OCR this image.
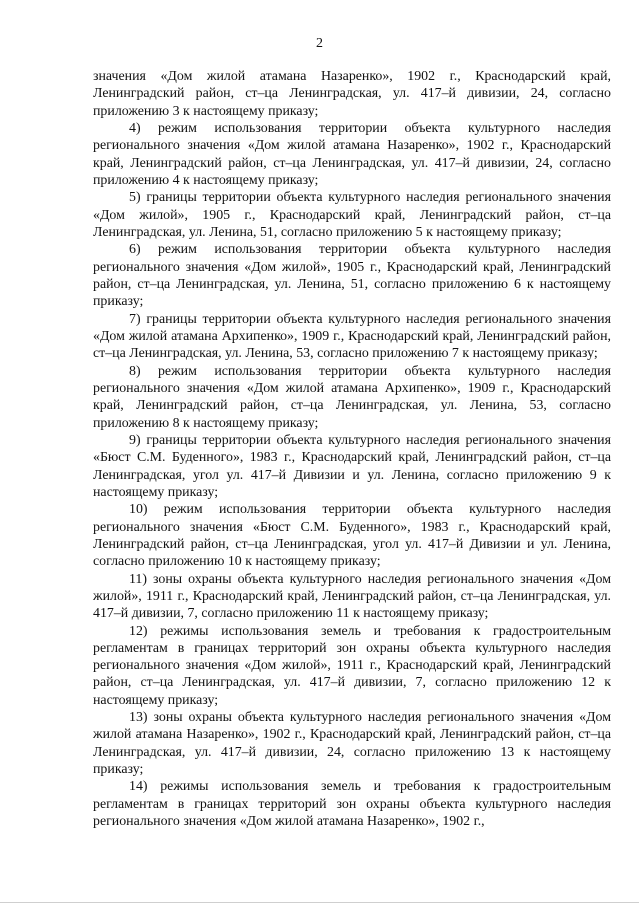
2

значения «Дом жилой атамана Назаренко», 1902 г., Краснодарский край, Ленинградский район, ст–ца Ленинградская, ул. 417–й дивизии, 24, согласно приложению 3 к настоящему приказу;

4) режим использования территории объекта культурного наследия регионального значения «Дом жилой атамана Назаренко», 1902 г., Краснодарский край, Ленинградский район, ст–ца Ленинградская, ул. 417–й дивизии, 24, согласно приложению 4 к настоящему приказу;

5) границы территории объекта культурного наследия регионального значения «Дом жилой», 1905 г., Краснодарский край, Ленинградский район, ст–ца Ленинградская, ул. Ленина, 51, согласно приложению 5 к настоящему приказу;

6) режим использования территории объекта культурного наследия регионального значения «Дом жилой», 1905 г., Краснодарский край, Ленинградский район, ст–ца Ленинградская, ул. Ленина, 51, согласно приложению 6 к настоящему приказу;

7) границы территории объекта культурного наследия регионального значения «Дом жилой атамана Архипенко», 1909 г., Краснодарский край, Ленинградский район, ст–ца Ленинградская, ул. Ленина, 53, согласно приложению 7 к настоящему приказу;

8) режим использования территории объекта культурного наследия регионального значения «Дом жилой атамана Архипенко», 1909 г., Краснодарский край, Ленинградский район, ст–ца Ленинградская, ул. Ленина, 53, согласно приложению 8 к настоящему приказу;

9) границы территории объекта культурного наследия регионального значения «Бюст С.М. Буденного», 1983 г., Краснодарский край, Ленинградский район, ст–ца Ленинградская, угол ул. 417–й Дивизии и ул. Ленина, согласно приложению 9 к настоящему приказу;

10) режим использования территории объекта культурного наследия регионального значения «Бюст С.М. Буденного», 1983 г., Краснодарский край, Ленинградский район, ст–ца Ленинградская, угол ул. 417–й Дивизии и ул. Ленина, согласно приложению 10 к настоящему приказу;

11) зоны охраны объекта культурного наследия регионального значения «Дом жилой», 1911 г., Краснодарский край, Ленинградский район, ст–ца Ленинградская, ул. 417–й дивизии, 7, согласно приложению 11 к настоящему приказу;

12) режимы использования земель и требования к градостроительным регламентам в границах территорий зон охраны объекта культурного наследия регионального значения «Дом жилой», 1911 г., Краснодарский край, Ленинградский район, ст–ца Ленинградская, ул. 417–й дивизии, 7, согласно приложению 12 к настоящему приказу;

13) зоны охраны объекта культурного наследия регионального значения «Дом жилой атамана Назаренко», 1902 г., Краснодарский край, Ленинградский район, ст–ца Ленинградская, ул. 417–й дивизии, 24, согласно приложению 13 к настоящему приказу;

14) режимы использования земель и требования к градостроительным регламентам в границах территорий зон охраны объекта культурного наследия регионального значения «Дом жилой атамана Назаренко», 1902 г.,
